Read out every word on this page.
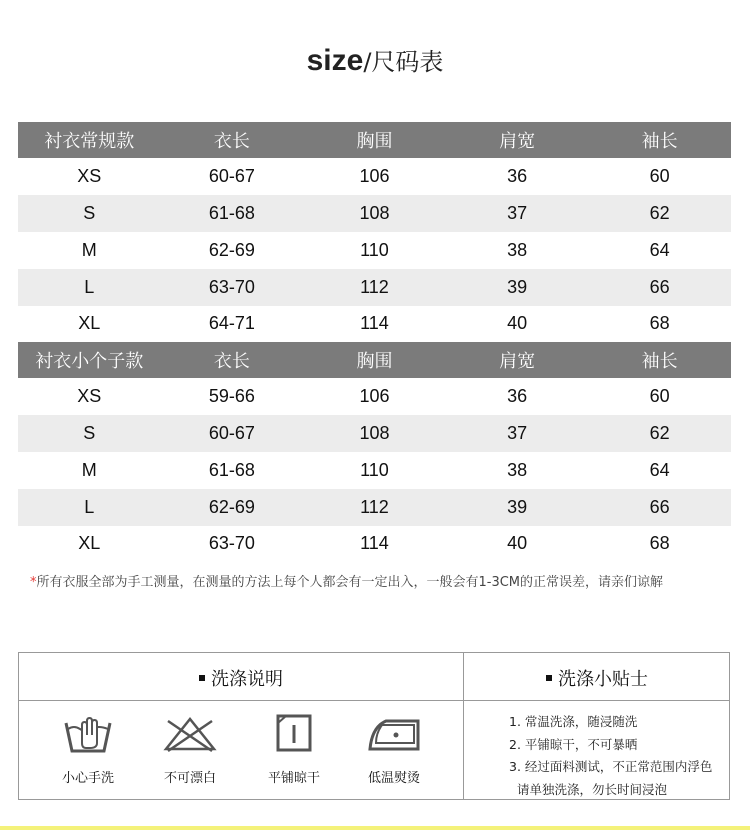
size/尺码表
衬衣常规款	衣长	胸围	肩宽	袖长
XS	60-67	106	36	60
S	61-68	108	37	62
M	62-69	110	38	64
L	63-70	112	39	66
XL	64-71	114	40	68
衬衣小个子款	衣长	胸围	肩宽	袖长
XS	59-66	106	36	60
S	60-67	108	37	62
M	61-68	110	38	64
L	62-69	112	39	66
XL	63-70	114	40	68
*所有衣服全部为手工测量，在测量的方法上每个人都会有一定出入，一般会有1-3CM的正常误差，请亲们谅解
洗涤说明	洗涤小贴士
小心手洗	不可漂白	平铺晾干	低温熨烫
1. 常温洗涤，随浸随洗
2. 平铺晾干，不可暴晒
3. 经过面料测试，不正常范围内浮色
请单独洗涤，勿长时间浸泡
